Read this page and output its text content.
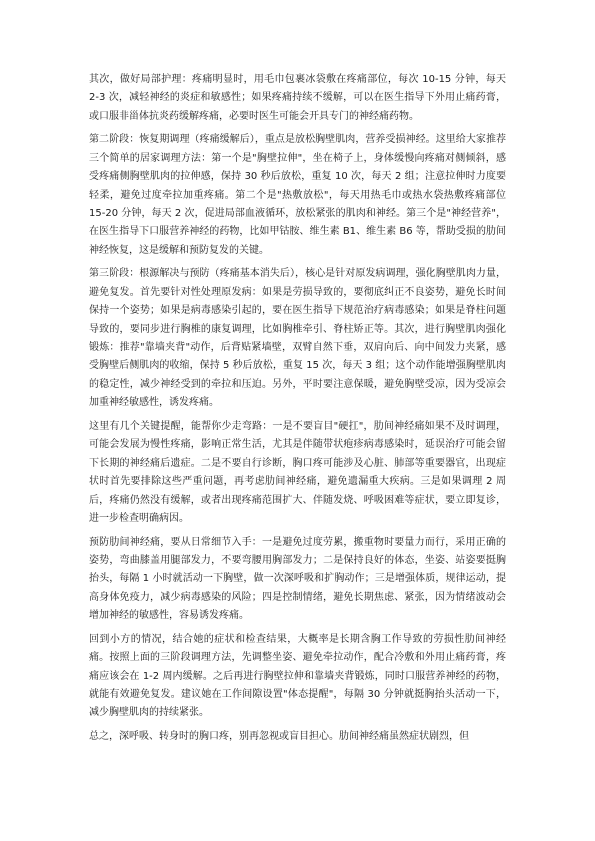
其次，做好局部护理：疼痛明显时，用毛巾包裹冰袋敷在疼痛部位，每次 10-15 分钟，每天 2-3 次，减轻神经的炎症和敏感性；如果疼痛持续不缓解，可以在医生指导下外用止痛药膏，或口服非甾体抗炎药缓解疼痛，必要时医生可能会开具专门的神经痛药物。

第二阶段：恢复期调理（疼痛缓解后），重点是放松胸壁肌肉，营养受损神经。这里给大家推荐三个简单的居家调理方法：第一个是"胸壁拉伸"，坐在椅子上，身体缓慢向疼痛对侧倾斜，感受疼痛侧胸壁肌肉的拉伸感，保持 30 秒后放松，重复 10 次，每天 2 组；注意拉伸时力度要轻柔，避免过度牵拉加重疼痛。第二个是"热敷放松"，每天用热毛巾或热水袋热敷疼痛部位 15-20 分钟，每天 2 次，促进局部血液循环，放松紧张的肌肉和神经。第三个是"神经营养"，在医生指导下口服营养神经的药物，比如甲钴胺、维生素 B1、维生素 B6 等，帮助受损的肋间神经恢复，这是缓解和预防复发的关键。

第三阶段：根源解决与预防（疼痛基本消失后），核心是针对原发病调理，强化胸壁肌肉力量，避免复发。首先要针对性处理原发病：如果是劳损导致的，要彻底纠正不良姿势，避免长时间保持一个姿势；如果是病毒感染引起的，要在医生指导下规范治疗病毒感染；如果是脊柱问题导致的，要同步进行胸椎的康复调理，比如胸椎牵引、脊柱矫正等。其次，进行胸壁肌肉强化锻炼：推荐"靠墙夹背"动作，后背贴紧墙壁，双臂自然下垂，双肩向后、向中间发力夹紧，感受胸壁后侧肌肉的收缩，保持 5 秒后放松，重复 15 次，每天 3 组；这个动作能增强胸壁肌肉的稳定性，减少神经受到的牵拉和压迫。另外，平时要注意保暖，避免胸壁受凉，因为受凉会加重神经敏感性，诱发疼痛。

这里有几个关键提醒，能帮你少走弯路：一是不要盲目"硬扛"，肋间神经痛如果不及时调理，可能会发展为慢性疼痛，影响正常生活，尤其是伴随带状疱疹病毒感染时，延误治疗可能会留下长期的神经痛后遗症。二是不要自行诊断，胸口疼可能涉及心脏、肺部等重要器官，出现症状时首先要排除这些严重问题，再考虑肋间神经痛，避免遗漏重大疾病。三是如果调理 2 周后，疼痛仍然没有缓解，或者出现疼痛范围扩大、伴随发烧、呼吸困难等症状，要立即复诊，进一步检查明确病因。

预防肋间神经痛，要从日常细节入手：一是避免过度劳累，搬重物时要量力而行，采用正确的姿势，弯曲膝盖用腿部发力，不要弯腰用胸部发力；二是保持良好的体态，坐姿、站姿要挺胸抬头，每隔 1 小时就活动一下胸壁，做一次深呼吸和扩胸动作；三是增强体质，规律运动，提高身体免疫力，减少病毒感染的风险；四是控制情绪，避免长期焦虑、紧张，因为情绪波动会增加神经的敏感性，容易诱发疼痛。

回到小方的情况，结合她的症状和检查结果，大概率是长期含胸工作导致的劳损性肋间神经痛。按照上面的三阶段调理方法，先调整坐姿、避免牵拉动作，配合冷敷和外用止痛药膏，疼痛应该会在 1-2 周内缓解。之后再进行胸壁拉伸和靠墙夹背锻炼，同时口服营养神经的药物，就能有效避免复发。建议她在工作间隙设置"体态提醒"，每隔 30 分钟就挺胸抬头活动一下，减少胸壁肌肉的持续紧张。

总之，深呼吸、转身时的胸口疼，别再忽视或盲目担心。肋间神经痛虽然症状剧烈，但
